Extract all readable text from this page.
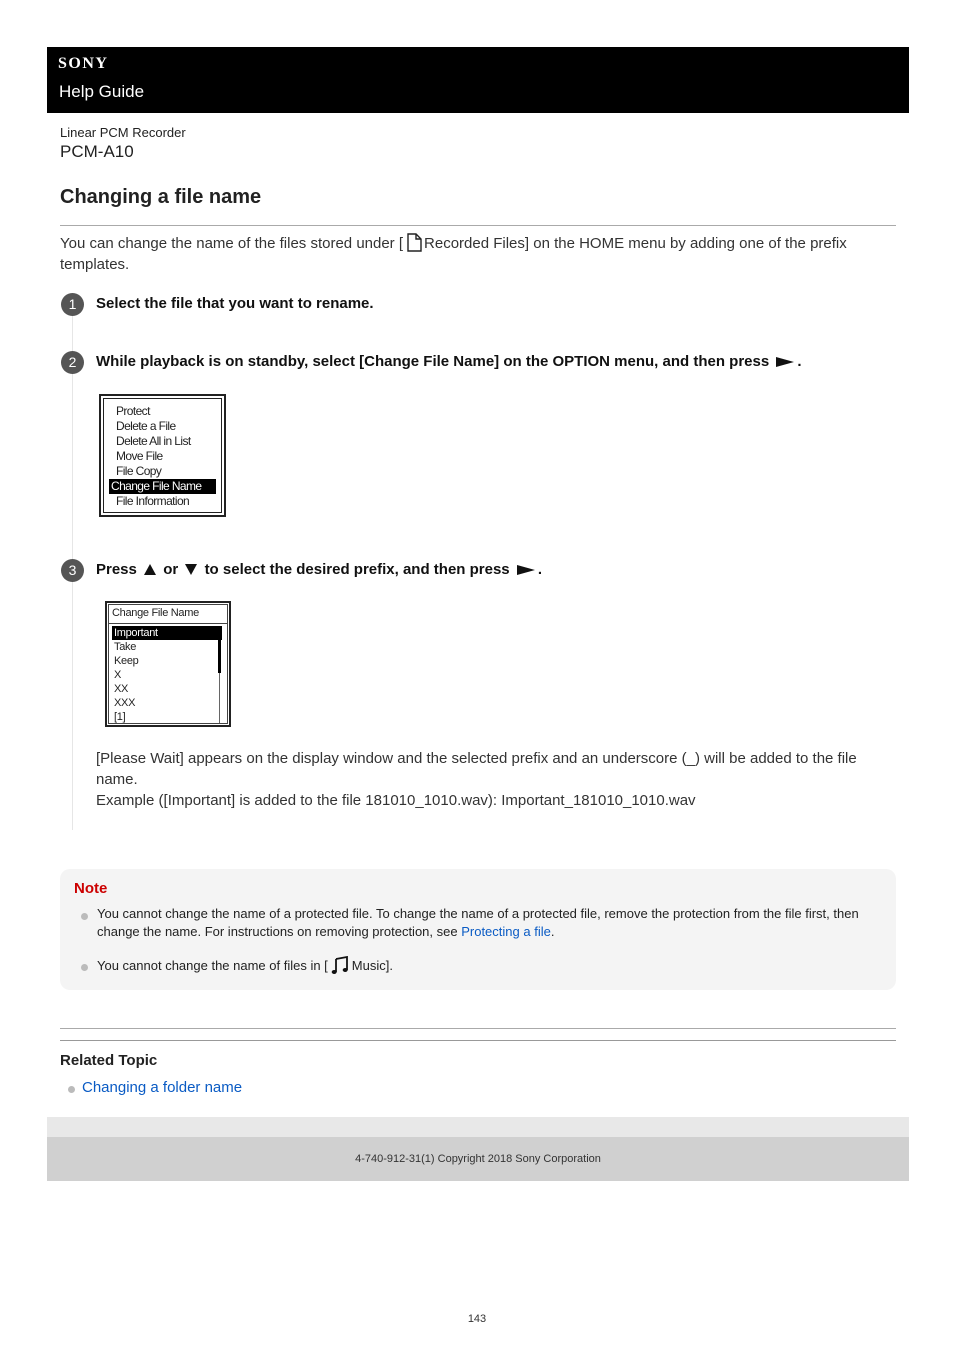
SONY
Help Guide
Linear PCM Recorder
PCM-A10
Changing a file name

You can change the name of the files stored under [ Recorded Files] on the HOME menu by adding one of the prefix templates.

1	Select the file that you want to rename.
2	While playback is on standby, select [Change File Name] on the OPTION menu, and then press .
Protect
Delete a File
Delete All in List
Move File
File Copy
Change File Name
File Information
3	Press or to select the desired prefix, and then press .
Change File Name
Important
Take
Keep
X
XX
XXX
[1]

[Please Wait] appears on the display window and the selected prefix and an underscore (_) will be added to the file name.

Example ([Important] is added to the file 181010_1010.wav): Important_181010_1010.wav

Note

You cannot change the name of a protected file. To change the name of a protected file, remove the protection from the file first, then change the name. For instructions on removing protection, see Protecting a file.

You cannot change the name of files in [ Music].

Related Topic
Changing a folder name
4-740-912-31(1) Copyright 2018 Sony Corporation
143
